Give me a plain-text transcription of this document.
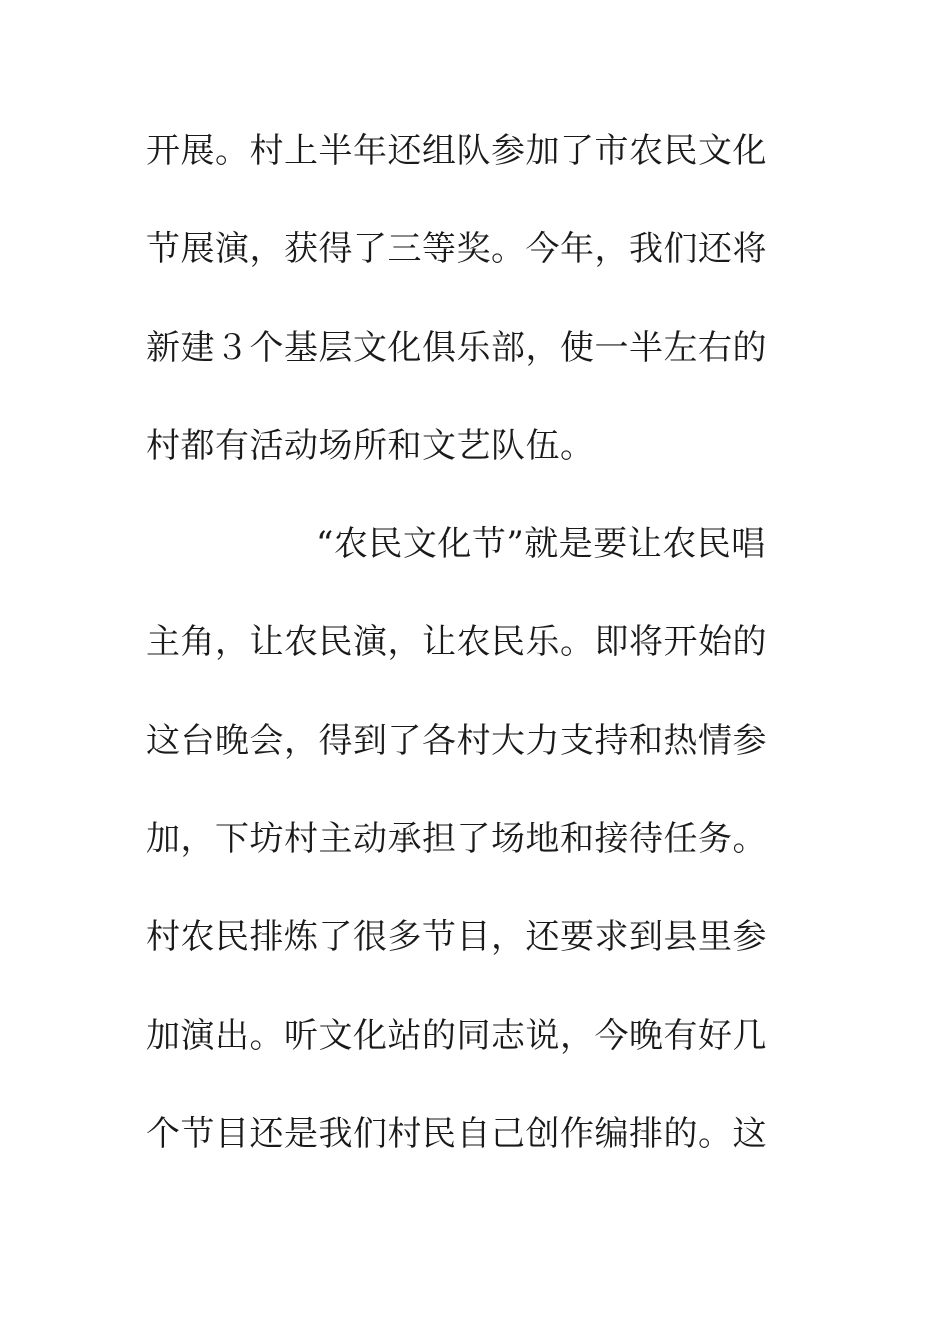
开展。村上半年还组队参加了市农民文化
节展演，获得了三等奖。今年，我们还将
新建３个基层文化俱乐部，使一半左右的
村都有活动场所和文艺队伍。
“农民文化节”就是要让农民唱
主角，让农民演，让农民乐。即将开始的
这台晚会，得到了各村大力支持和热情参
加，下坊村主动承担了场地和接待任务。
村农民排炼了很多节目，还要求到县里参
加演出。听文化站的同志说，今晚有好几
个节目还是我们村民自己创作编排的。这
